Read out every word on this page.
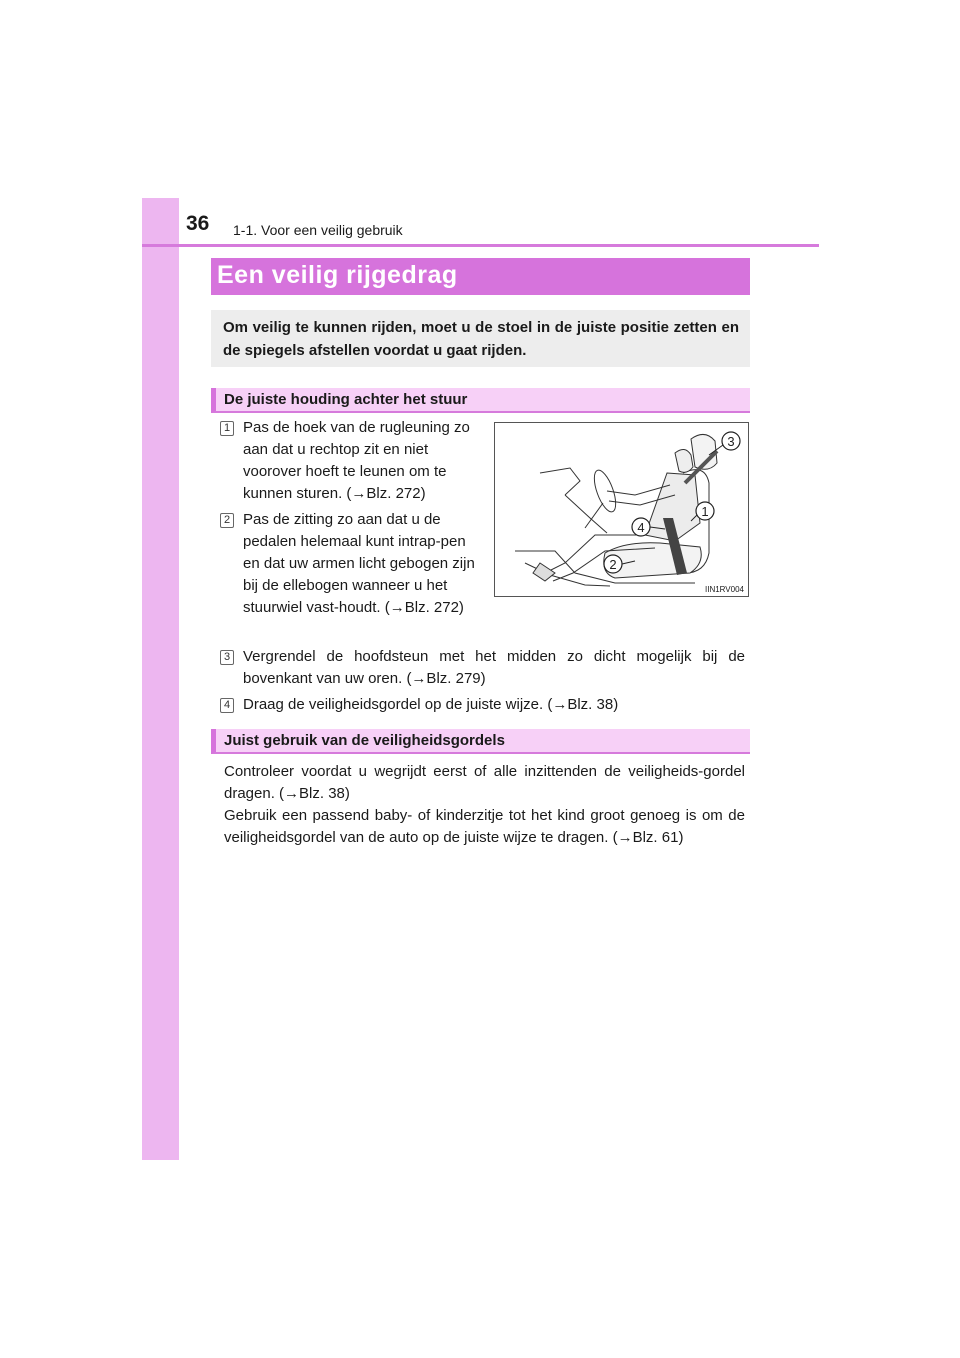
36 1-1. Voor een veilig gebruik
Een veilig rijgedrag

Om veilig te kunnen rijden, moet u de stoel in de juiste positie zetten en de spiegels afstellen voordat u gaat rijden.

De juiste houding achter het stuur
1 Pas de hoek van de rugleuning zo aan dat u rechtop zit en niet voorover hoeft te leunen om te kunnen sturen. (→Blz. 272)

2 Pas de zitting zo aan dat u de pedalen helemaal kunt intrap-pen en dat uw armen licht gebogen zijn bij de ellebogen wanneer u het stuurwiel vast-houdt. (→Blz. 272)

3
1
4
2
IIN1RV004
3 Vergrendel de hoofdsteun met het midden zo dicht mogelijk bij de bovenkant van uw oren. (→Blz. 279)

4 Draag de veiligheidsgordel op de juiste wijze. (→Blz. 38)

Juist gebruik van de veiligheidsgordels

Controleer voordat u wegrijdt eerst of alle inzittenden de veiligheids-gordel dragen. (→Blz. 38)
Gebruik een passend baby- of kinderzitje tot het kind groot genoeg is om de veiligheidsgordel van de auto op de juiste wijze te dragen. (→Blz. 61)
